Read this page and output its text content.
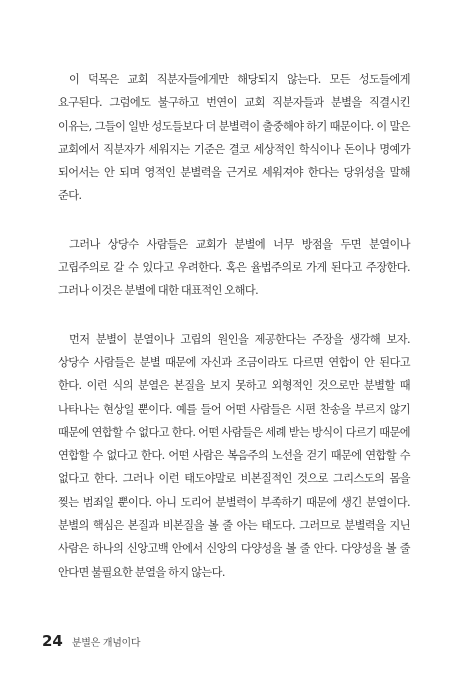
이 덕목은 교회 직분자들에게만 해당되지 않는다. 모든 성도들에게 요구된다. 그럼에도 불구하고 번연이 교회 직분자들과 분별을 직결시킨 이유는, 그들이 일반 성도들보다 더 분별력이 출중해야 하기 때문이다. 이 말은 교회에서 직분자가 세워지는 기준은 결코 세상적인 학식이나 돈이나 명예가 되어서는 안 되며 영적인 분별력을 근거로 세워져야 한다는 당위성을 말해 준다.

그러나 상당수 사람들은 교회가 분별에 너무 방점을 두면 분열이나 고립주의로 갈 수 있다고 우려한다. 혹은 율법주의로 가게 된다고 주장한다. 그러나 이것은 분별에 대한 대표적인 오해다.

먼저 분별이 분열이나 고립의 원인을 제공한다는 주장을 생각해 보자. 상당수 사람들은 분별 때문에 자신과 조금이라도 다르면 연합이 안 된다고 한다. 이런 식의 분열은 본질을 보지 못하고 외형적인 것으로만 분별할 때 나타나는 현상일 뿐이다. 예를 들어 어떤 사람들은 시편 찬송을 부르지 않기 때문에 연합할 수 없다고 한다. 어떤 사람들은 세례 받는 방식이 다르기 때문에 연합할 수 없다고 한다. 어떤 사람은 복음주의 노선을 걷기 때문에 연합할 수 없다고 한다. 그러나 이런 태도야말로 비본질적인 것으로 그리스도의 몸을 찢는 범죄일 뿐이다. 아니 도리어 분별력이 부족하기 때문에 생긴 분열이다. 분별의 핵심은 본질과 비본질을 볼 줄 아는 태도다. 그러므로 분별력을 지닌 사람은 하나의 신앙고백 안에서 신앙의 다양성을 볼 줄 안다. 다양성을 볼 줄 안다면 불필요한 분열을 하지 않는다.

24 분별은 개념이다
